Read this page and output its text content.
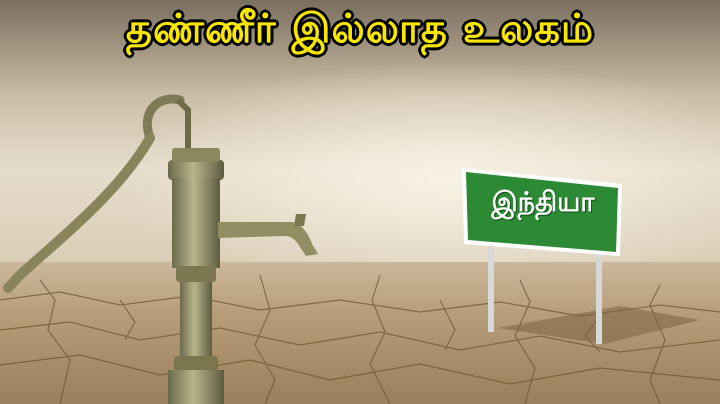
தண்ணீர் இல்லாத உலகம்
இந்தியா
